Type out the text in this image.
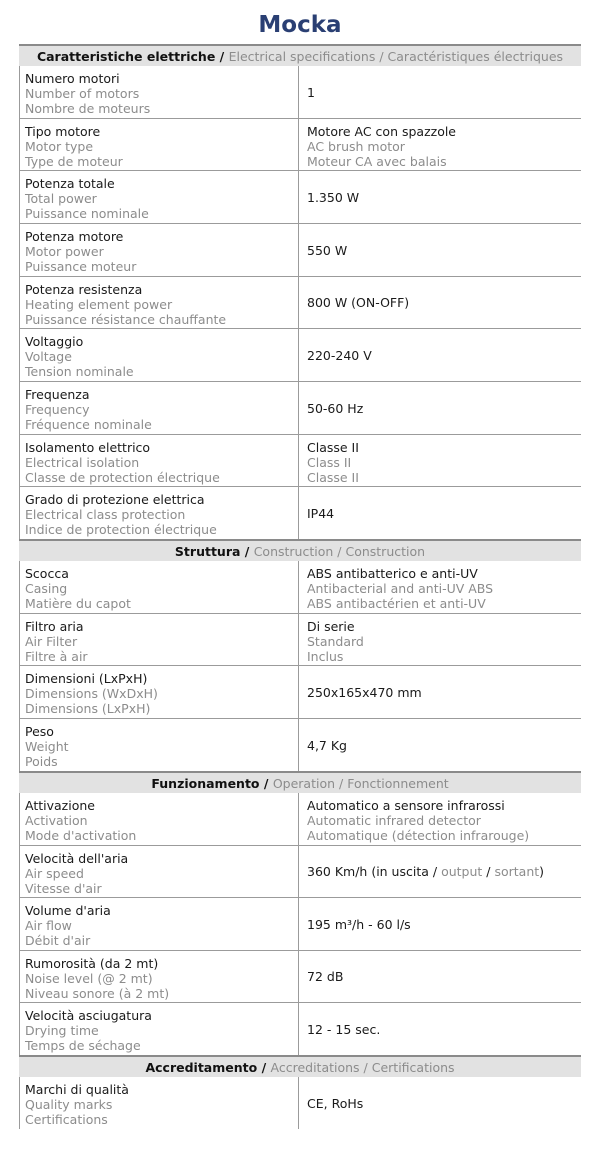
Mocka
Caratteristiche elettriche / Electrical specifications / Caractéristiques électriques
Numero motori
Number of motors
Nombre de moteurs
1
Tipo motore
Motor type
Type de moteur
Motore AC con spazzole
AC brush motor
Moteur CA avec balais
Potenza totale
Total power
Puissance nominale
1.350 W
Potenza motore
Motor power
Puissance moteur
550 W
Potenza resistenza
Heating element power
Puissance résistance chauffante
800 W (ON-OFF)
Voltaggio
Voltage
Tension nominale
220-240 V
Frequenza
Frequency
Fréquence nominale
50-60 Hz
Isolamento elettrico
Electrical isolation
Classe de protection électrique
Classe II
Class II
Classe II
Grado di protezione elettrica
Electrical class protection
Indice de protection électrique
IP44
Struttura / Construction / Construction
Scocca
Casing
Matière du capot
ABS antibatterico e anti-UV
Antibacterial and anti-UV ABS
ABS antibactérien et anti-UV
Filtro aria
Air Filter
Filtre à air
Di serie
Standard
Inclus
Dimensioni (LxPxH)
Dimensions (WxDxH)
Dimensions (LxPxH)
250x165x470 mm
Peso
Weight
Poids
4,7 Kg
Funzionamento / Operation / Fonctionnement
Attivazione
Activation
Mode d'activation
Automatico a sensore infrarossi
Automatic infrared detector
Automatique (détection infrarouge)
Velocità dell'aria
Air speed
Vitesse d'air
360 Km/h (in uscita / output / sortant)
Volume d'aria
Air flow
Débit d'air
195 m³/h - 60 l/s
Rumorosità (da 2 mt)
Noise level (@ 2 mt)
Niveau sonore (à 2 mt)
72 dB
Velocità asciugatura
Drying time
Temps de séchage
12 - 15 sec.
Accreditamento / Accreditations / Certifications
Marchi di qualità
Quality marks
Certifications
CE, RoHs
